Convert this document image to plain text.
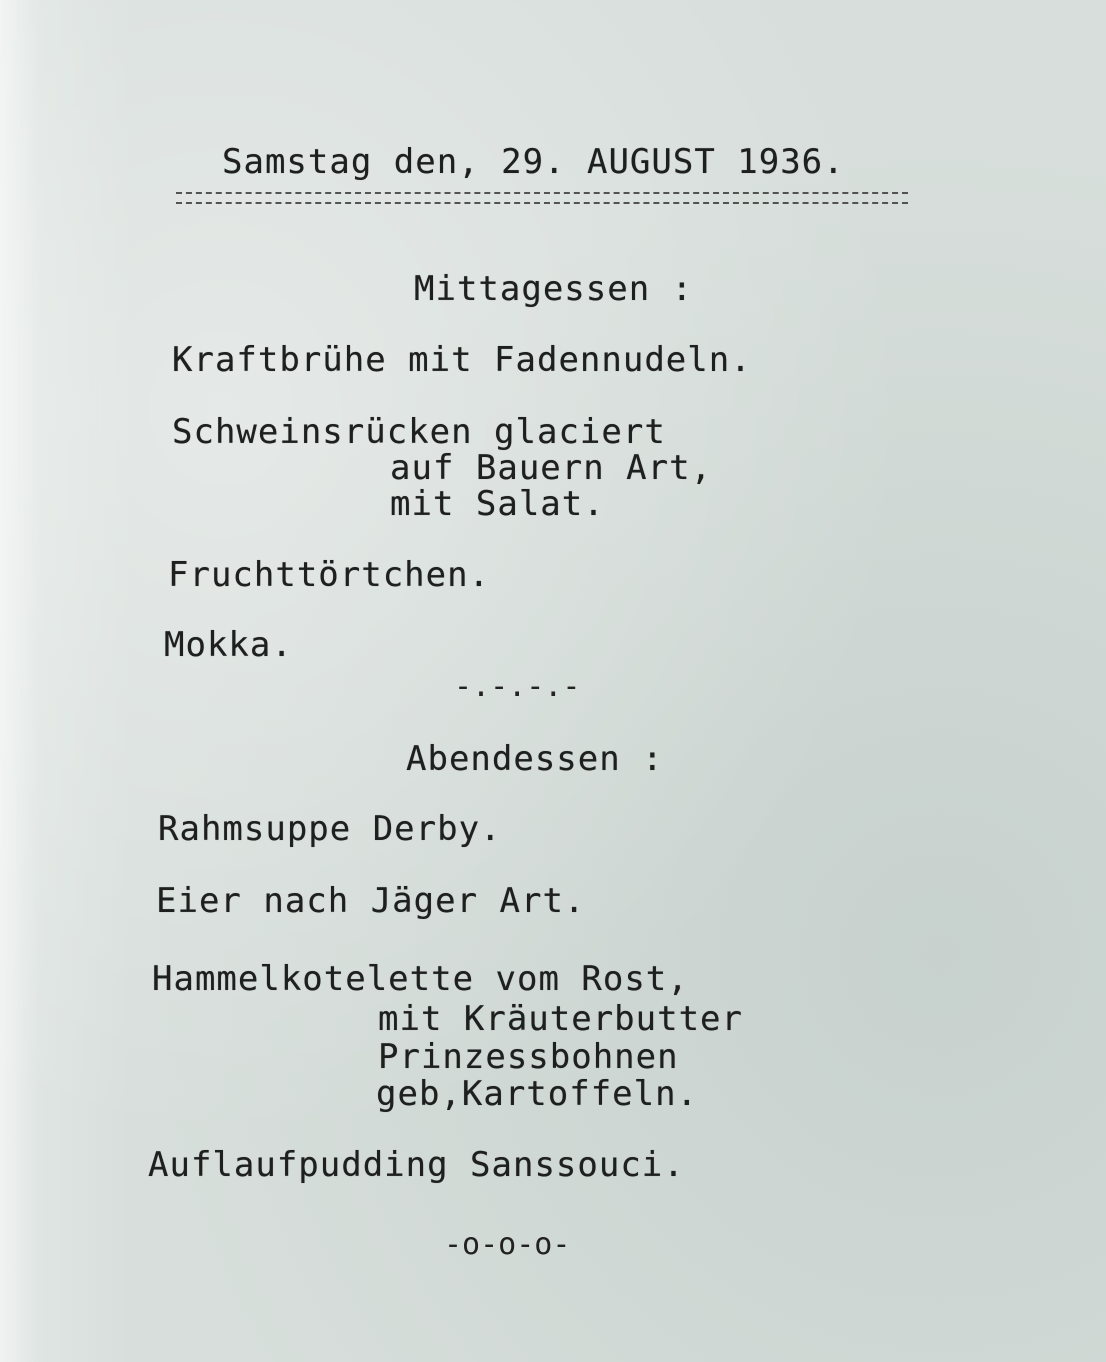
Samstag den, 29. AUGUST 1936.
Mittagessen :
Kraftbrühe mit Fadennudeln.
Schweinsrücken glaciert
auf Bauern Art,
mit Salat.
Fruchttörtchen.
Mokka.
-.-.-.-
Abendessen :
Rahmsuppe Derby.
Eier nach Jäger Art.
Hammelkotelette vom Rost,
mit Kräuterbutter
Prinzessbohnen
geb,Kartoffeln.
Auflaufpudding Sanssouci.
-o-o-o-
